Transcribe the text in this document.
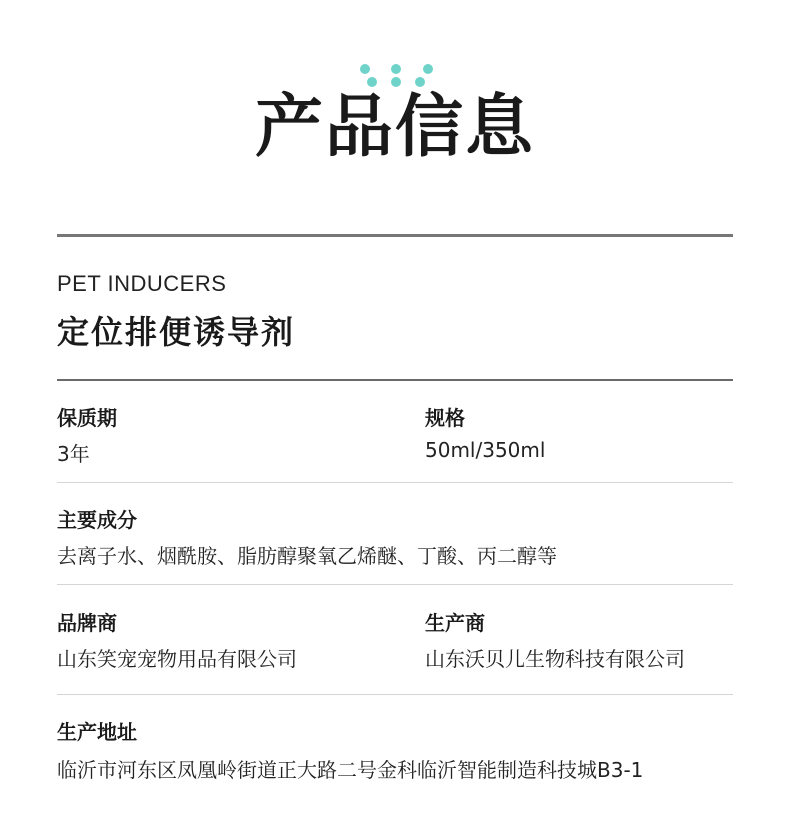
产品信息
PET INDUCERS
定位排便诱导剂
保质期
3年
规格
50ml/350ml
主要成分
去离子水、烟酰胺、脂肪醇聚氧乙烯醚、丁酸、丙二醇等
品牌商
山东笑宠宠物用品有限公司
生产商
山东沃贝儿生物科技有限公司
生产地址
临沂市河东区凤凰岭街道正大路二号金科临沂智能制造科技城B3-1
